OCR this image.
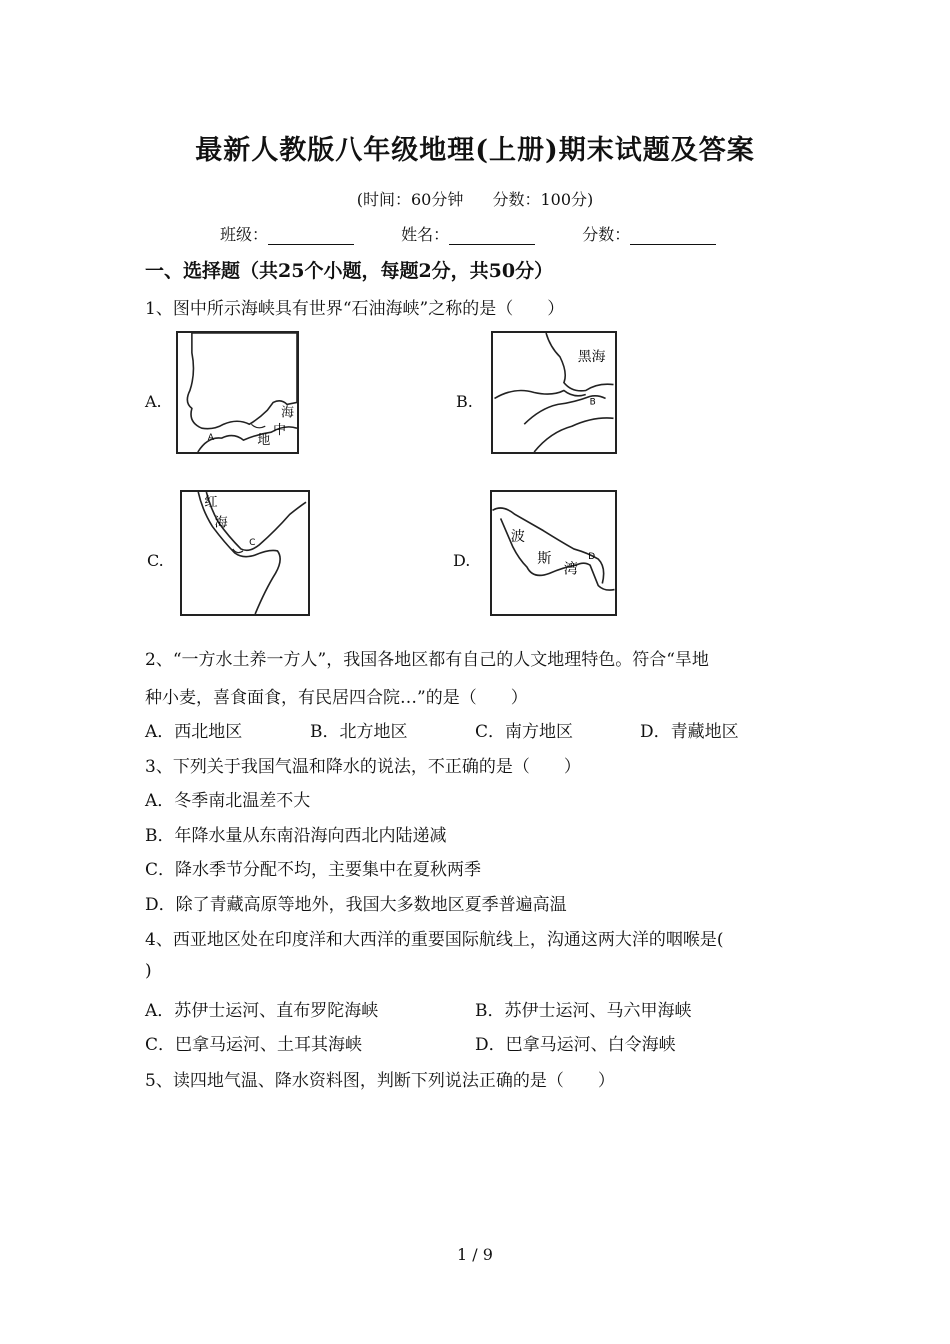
最新人教版八年级地理(上册)期末试题及答案
(时间：60分钟 分数：100分)
班级：	姓名：	分数：
一、选择题（共25个小题，每题2分，共50分）
1、图中所示海峡具有世界“石油海峡”之称的是（　　）
A.
海
中
地
A
B.
黑海
B
C.
红
海
C
D.
波
斯
湾
D
2、“一方水土养一方人”，我国各地区都有自己的人文地理特色。符合“旱地
种小麦，喜食面食，有民居四合院…”的是（　　）
A．西北地区	B．北方地区	C．南方地区	D．青藏地区
3、下列关于我国气温和降水的说法，不正确的是（　　）
A．冬季南北温差不大
B．年降水量从东南沿海向西北内陆递减
C．降水季节分配不均，主要集中在夏秋两季
D．除了青藏高原等地外，我国大多数地区夏季普遍高温
4、西亚地区处在印度洋和大西洋的重要国际航线上，沟通这两大洋的咽喉是(
)
A．苏伊士运河、直布罗陀海峡	B．苏伊士运河、马六甲海峡
C．巴拿马运河、土耳其海峡	D．巴拿马运河、白令海峡
5、读四地气温、降水资料图，判断下列说法正确的是（　　）
1 / 9
